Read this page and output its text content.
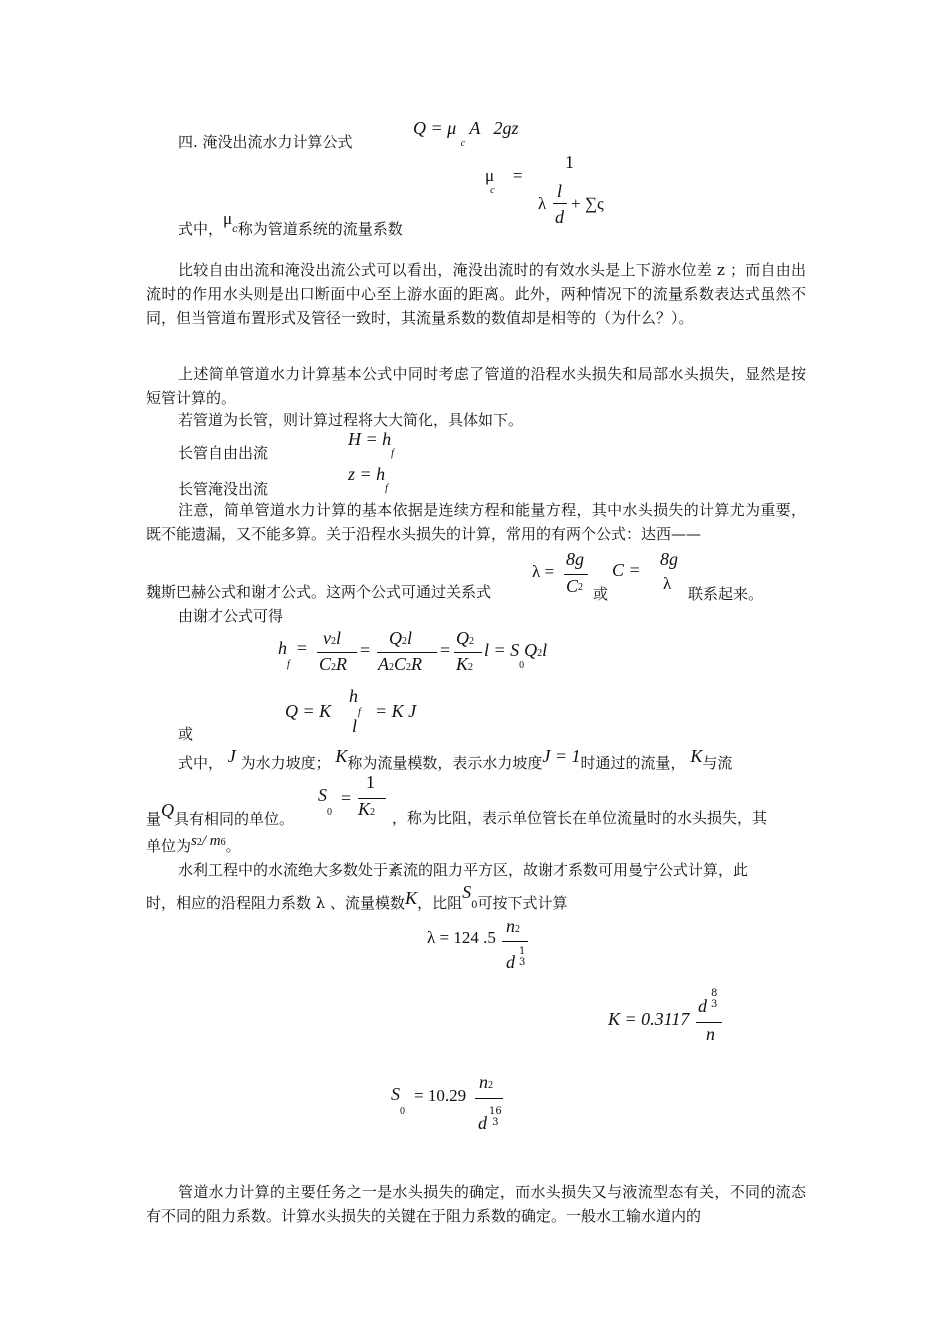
四. 淹没出流水力计算公式
Q = μ $_c$ A 2gz
$\mu_c$ =
1
λ
l
d
+ ∑ς
式中，μc称为管道系统的流量系数
比较自由出流和淹没出流公式可以看出，淹没出流时的有效水头是上下游水位差 z ；而自由出流时的作用水头则是出口断面中心至上游水面的距离。此外，两种情况下的流量系数表达式虽然不同，但当管道布置形式及管径一致时，其流量系数的数值却是相等的（为什么？）。
上述简单管道水力计算基本公式中同时考虑了管道的沿程水头损失和局部水头损失，显然是按短管计算的。
若管道为长管，则计算过程将大大简化，具体如下。
长管自由出流
$H = h_f$
$z = h_f$
长管淹没出流
注意，简单管道水力计算的基本依据是连续方程和能量方程，其中水头损失的计算尤为重要，既不能遗漏，又不能多算。关于沿程水头损失的计算，常用的有两个公式：达西——
魏斯巴赫公式和谢才公式。这两个公式可通过关系式
λ =
8g
C2 或
C =
8g
λ
联系起来。
由谢才公式可得
$h_f= v2l$
C2R
=
Q2l
A2C2R
=
Q2
K2
$l = S_0Q2l$
Q = K
$h_f$
l
= K J
或
式中， J 为水力坡度； K称为流量模数，表示水力坡度J = 1时通过的流量， K与流
量Q具有相同的单位。
$S_0$
=
1
K2 ，称为比阻，表示单位管长在单位流量时的水头损失，其
单位为s2/ m6。
水利工程中的水流绝大多数处于紊流的阻力平方区，故谢才系数可用曼宁公式计算，此
时，相应的沿程阻力系数 λ 、流量模数K，比阻S0可按下式计算
λ = 124 .5
n2
d
1
3
K = 0.3117
d
8
3
n
$S_0$
= 10.29
n2
d
16
3
管道水力计算的主要任务之一是水头损失的确定，而水头损失又与液流型态有关，不同的流态有不同的阻力系数。计算水头损失的关键在于阻力系数的确定。一般水工输水道内的
